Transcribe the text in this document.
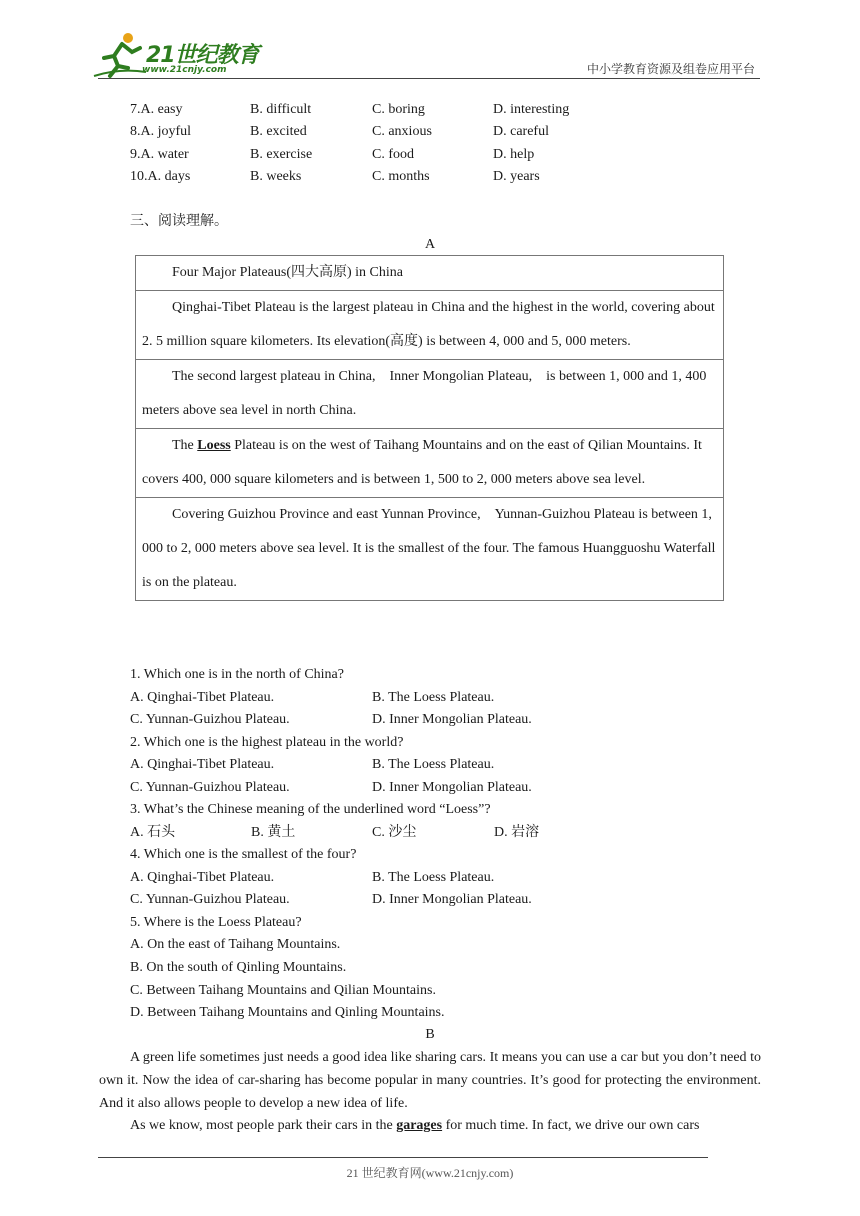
21世纪教育
www.21cnjy.com	中小学教育资源及组卷应用平台
7.A. easy	B. difficult	C. boring	D. interesting
8.A. joyful	B. excited	C. anxious	D. careful
9.A. water	B. exercise	C. food	D. help
10.A. days	B. weeks	C. months	D. years
三、阅读理解。
A
Four Major Plateaus(四大高原) in China
Qinghai-Tibet Plateau is the largest plateau in China and the highest in the world, covering about 2. 5 million square kilometers. Its elevation(高度) is between 4, 000 and 5, 000 meters.
The second largest plateau in China,　Inner Mongolian Plateau,　is between 1, 000 and 1, 400 meters above sea level in north China.
The Loess Plateau is on the west of Taihang Mountains and on the east of Qilian Mountains. It covers 400, 000 square kilometers and is between 1, 500 to 2, 000 meters above sea level.
Covering Guizhou Province and east Yunnan Province,　Yunnan-Guizhou Plateau is between 1, 000 to 2, 000 meters above sea level. It is the smallest of the four. The famous Huangguoshu Waterfall is on the plateau.
1. Which one is in the north of China?
A. Qinghai-Tibet Plateau.	B. The Loess Plateau.
C. Yunnan-Guizhou Plateau.	D. Inner Mongolian Plateau.
2. Which one is the highest plateau in the world?
A. Qinghai-Tibet Plateau.	B. The Loess Plateau.
C. Yunnan-Guizhou Plateau.	D. Inner Mongolian Plateau.
3. What’s the Chinese meaning of the underlined word “Loess”?
A. 石头	B. 黄土	C. 沙尘	D. 岩溶
4. Which one is the smallest of the four?
A. Qinghai-Tibet Plateau.	B. The Loess Plateau.
C. Yunnan-Guizhou Plateau.	D. Inner Mongolian Plateau.
5. Where is the Loess Plateau?
A. On the east of Taihang Mountains.
B. On the south of Qinling Mountains.
C. Between Taihang Mountains and Qilian Mountains.
D. Between Taihang Mountains and Qinling Mountains.
B
A green life sometimes just needs a good idea like sharing cars. It means you can use a car but you don’t need to own it. Now the idea of car-sharing has become popular in many countries. It’s good for protecting the environment. And it also allows people to develop a new idea of life.
As we know, most people park their cars in the garages for much time. In fact, we drive our own cars
21 世纪教育网(www.21cnjy.com)
